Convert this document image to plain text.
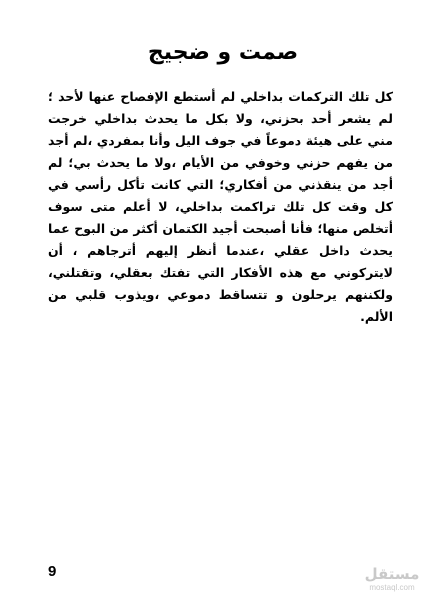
صمت و ضجيج
كل تلك التركمات بداخلي لم أستطع الإفصاح عنها لأحد ؛لم يشعر أحد بحزني، ولا بكل ما يحدث بداخلي خرجت مني على هيئة دموعاً في جوف اليل وأنا بمفردي ،لم أجد من يفهم حزني وخوفي من الأيام ،ولا ما يحدث بي؛ لم أجد من ينقذني من أفكاري؛ التي كانت تأكل رأسي في كل وقت كل تلك تراكمت بداخلي، لا أعلم متى سوف أتخلص منها؛ فأنا أصبحت أجيد الكتمان أكثر من البوح عما يحدث داخل عقلي ،عندما أنظر إليهم أترجاهم ، أن لايتركوني مع هذه الأفكار التي تفتك بعقلي، وتقتلني، ولكننهم يرحلون و تتساقط دموعي ،ويذوب قلبي من الألم.
9	مستقل
mostaql.com
